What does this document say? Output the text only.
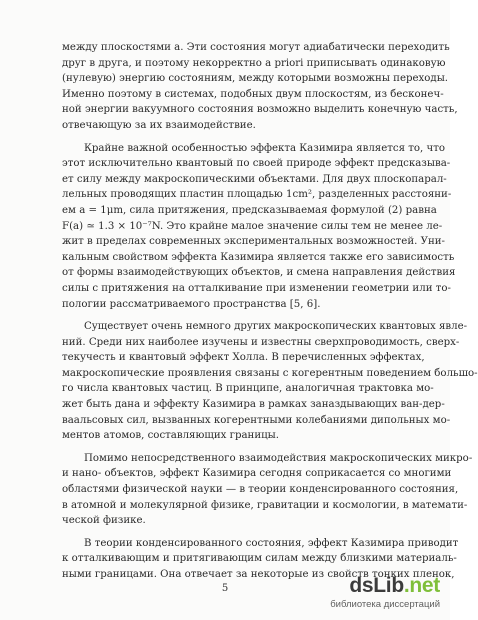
между плоскостями a. Эти состояния могут адиабатически переходить
друг в друга, и поэтому некорректно a priori приписывать одинаковую
(нулевую) энергию состояниям, между которыми возможны переходы.
Именно поэтому в системах, подобных двум плоскостям, из бесконеч-
ной энергии вакуумного состояния возможно выделить конечную часть,
отвечающую за их взаимодействие.
Крайне важной особенностью эффекта Казимира является то, что
этот исключительно квантовый по своей природе эффект предсказыва-
ет силу между макроскопическими объектами. Для двух плоскопарал-
лельных проводящих пластин площадью 1cm², разделенных расстояни-
ем a = 1μm, сила притяжения, предсказываемая формулой (2) равна
F(a) ≃ 1.3 × 10⁻⁷N. Это крайне малое значение силы тем не менее ле-
жит в пределах современных экспериментальных возможностей. Уни-
кальным свойством эффекта Казимира является также его зависимость
от формы взаимодействующих объектов, и смена направления действия
силы с притяжения на отталкивание при изменении геометрии или то-
пологии рассматриваемого пространства [5, 6].
Существует очень немного других макроскопических квантовых явле-
ний. Среди них наиболее изучены и известны сверхпроводимость, сверх-
текучесть и квантовый эффект Холла. В перечисленных эффектах,
макроскопические проявления связаны с когерентным поведением большо-
го числа квантовых частиц. В принципе, аналогичная трактовка мо-
жет быть дана и эффекту Казимира в рамках заназдывающих ван-дер-
ваальсовых сил, вызванных когерентными колебаниями дипольных мо-
ментов атомов, составляющих границы.
Помимо непосредственного взаимодействия макроскопических микро-
и нано- объектов, эффект Казимира сегодня соприкасается со многими
областями физической науки — в теории конденсированного состояния,
в атомной и молекулярной физике, гравитации и космологии, в математи-
ческой физике.
В теории конденсированного состояния, эффект Казимира приводит
к отталкивающим и притягивающим силам между близкими материаль-
ными границами. Она отвечает за некоторые из свойств тонких пленок,
5	dsLib.net
библиотека диссертаций
